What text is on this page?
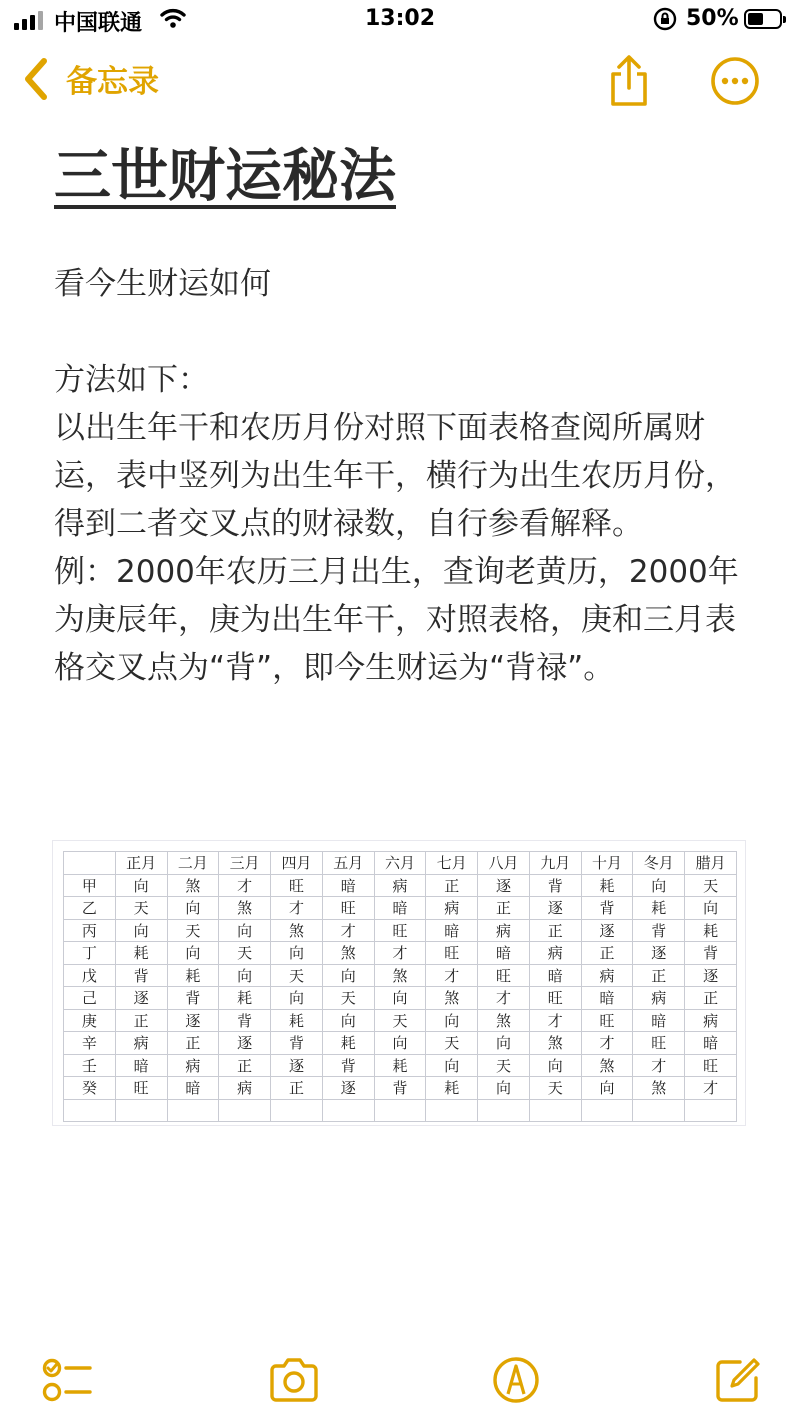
中国联通	13:02	50%
备忘录
三世财运秘法

看今生财运如何

方法如下：

以出生年干和农历月份对照下面表格查阅所属财运，表中竖列为出生年干，横行为出生农历月份，得到二者交叉点的财禄数，自行参看解释。

例：2000年农历三月出生，查询老黄历，2000年为庚辰年，庚为出生年干，对照表格，庚和三月表格交叉点为“背”，即今生财运为“背禄”。

	正月	二月	三月	四月	五月	六月	七月	八月	九月	十月	冬月	腊月
甲	向	煞	才	旺	暗	病	正	逐	背	耗	向	天
乙	天	向	煞	才	旺	暗	病	正	逐	背	耗	向
丙	向	天	向	煞	才	旺	暗	病	正	逐	背	耗
丁	耗	向	天	向	煞	才	旺	暗	病	正	逐	背
戊	背	耗	向	天	向	煞	才	旺	暗	病	正	逐
己	逐	背	耗	向	天	向	煞	才	旺	暗	病	正
庚	正	逐	背	耗	向	天	向	煞	才	旺	暗	病
辛	病	正	逐	背	耗	向	天	向	煞	才	旺	暗
壬	暗	病	正	逐	背	耗	向	天	向	煞	才	旺
癸	旺	暗	病	正	逐	背	耗	向	天	向	煞	才
